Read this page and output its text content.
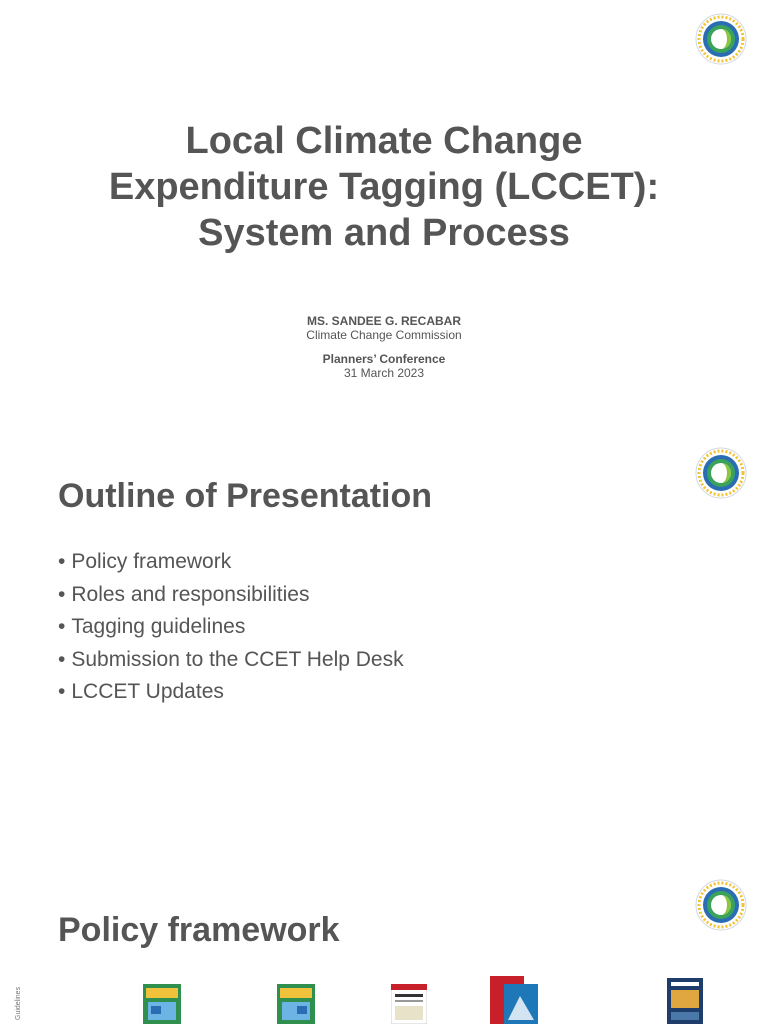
Local Climate Change
Expenditure Tagging (LCCET):
System and Process
MS. SANDEE G. RECABAR
Climate Change Commission
Planners’ Conference
31 March 2023
Outline of Presentation
• Policy framework
• Roles and responsibilities
• Tagging guidelines
• Submission to the CCET Help Desk
• LCCET Updates
Policy framework
Guidelines
